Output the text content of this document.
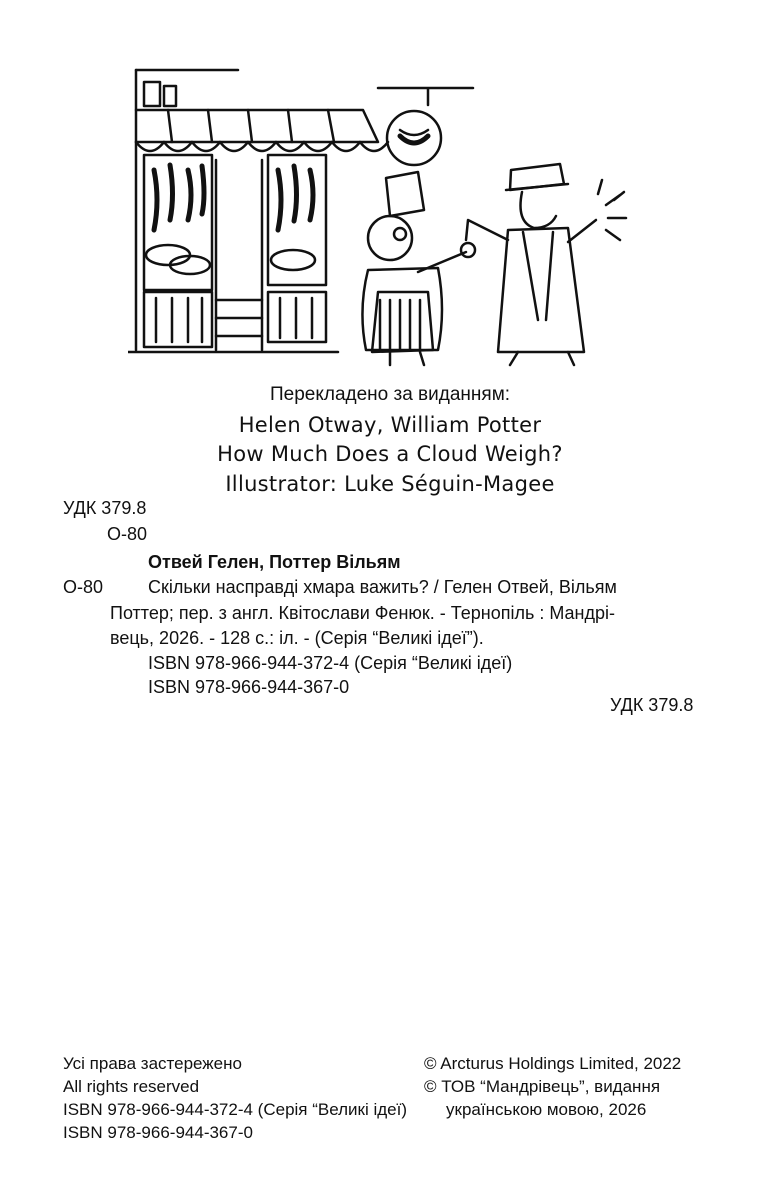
Перекладено за виданням:
Helen Otway, William Potter
How Much Does a Cloud Weigh?
Illustrator: Luke Séguin-Magee
УДК 379.8
О-80
Отвей Гелен, Поттер Вільям
О-80 Скільки насправді хмара важить? / Гелен Отвей, Вільям
Поттер; пер. з англ. Квітослави Фенюк. - Тернопіль : Мандрі-
вець, 2026. - 128 с.: іл. - (Серія “Великі ідеї”).
ISBN 978-966-944-372-4 (Серія “Великі ідеї)
ISBN 978-966-944-367-0
УДК 379.8
Усі права застережено
All rights reserved
ISBN 978-966-944-372-4 (Серія “Великі ідеї)
ISBN 978-966-944-367-0
© Arcturus Holdings Limited, 2022
© ТОВ “Мандрівець”, видання
українською мовою, 2026
